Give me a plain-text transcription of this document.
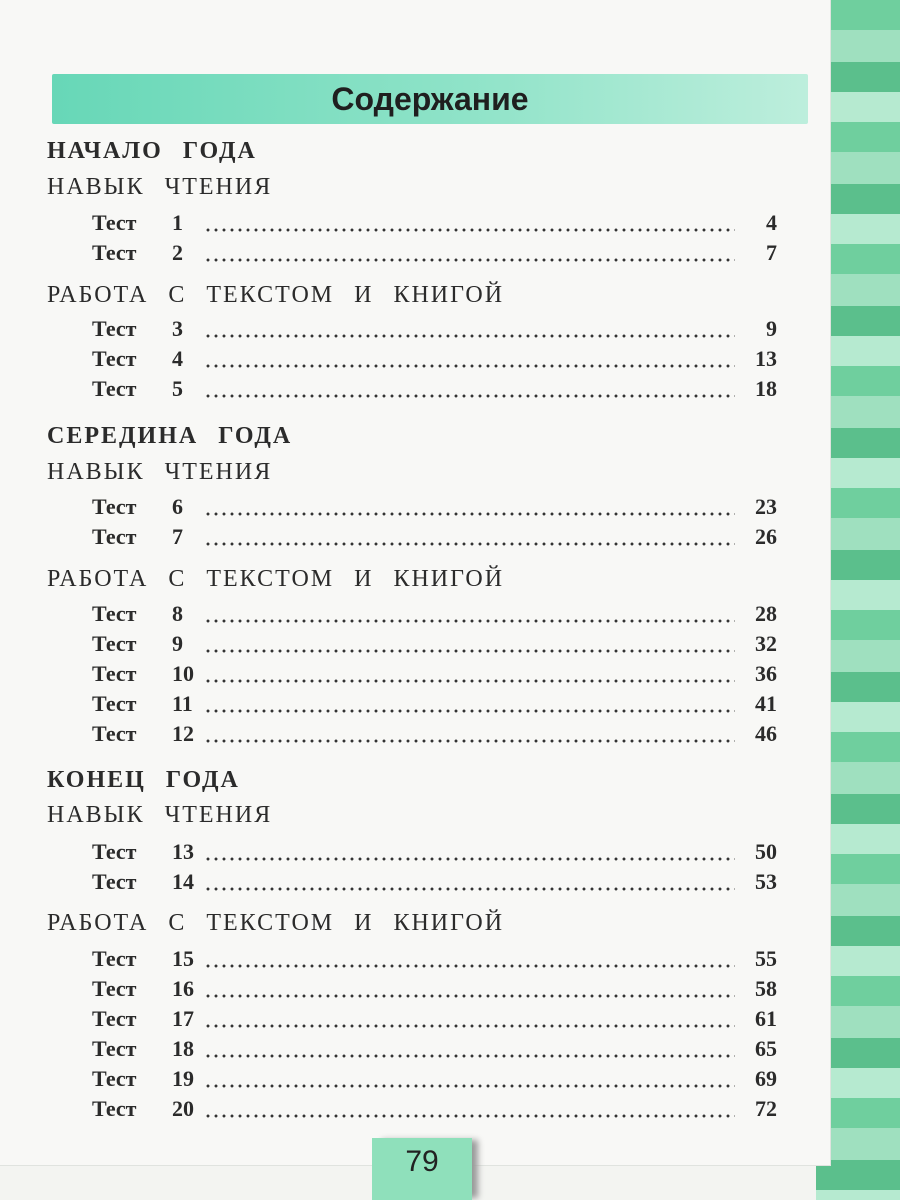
Содержание
НАЧАЛО ГОДА
НАВЫК ЧТЕНИЯ
РАБОТА С ТЕКСТОМ И КНИГОЙ
СЕРЕДИНА ГОДА
НАВЫК ЧТЕНИЯ
РАБОТА С ТЕКСТОМ И КНИГОЙ
КОНЕЦ ГОДА
НАВЫК ЧТЕНИЯ
РАБОТА С ТЕКСТОМ И КНИГОЙ
Тест	1	4
Тест	2	7
Тест	3	9
Тест	4	13
Тест	5	18
Тест	6	23
Тест	7	26
Тест	8	28
Тест	9	32
Тест	10	36
Тест	11	41
Тест	12	46
Тест	13	50
Тест	14	53
Тест	15	55
Тест	16	58
Тест	17	61
Тест	18	65
Тест	19	69
Тест	20	72
79
